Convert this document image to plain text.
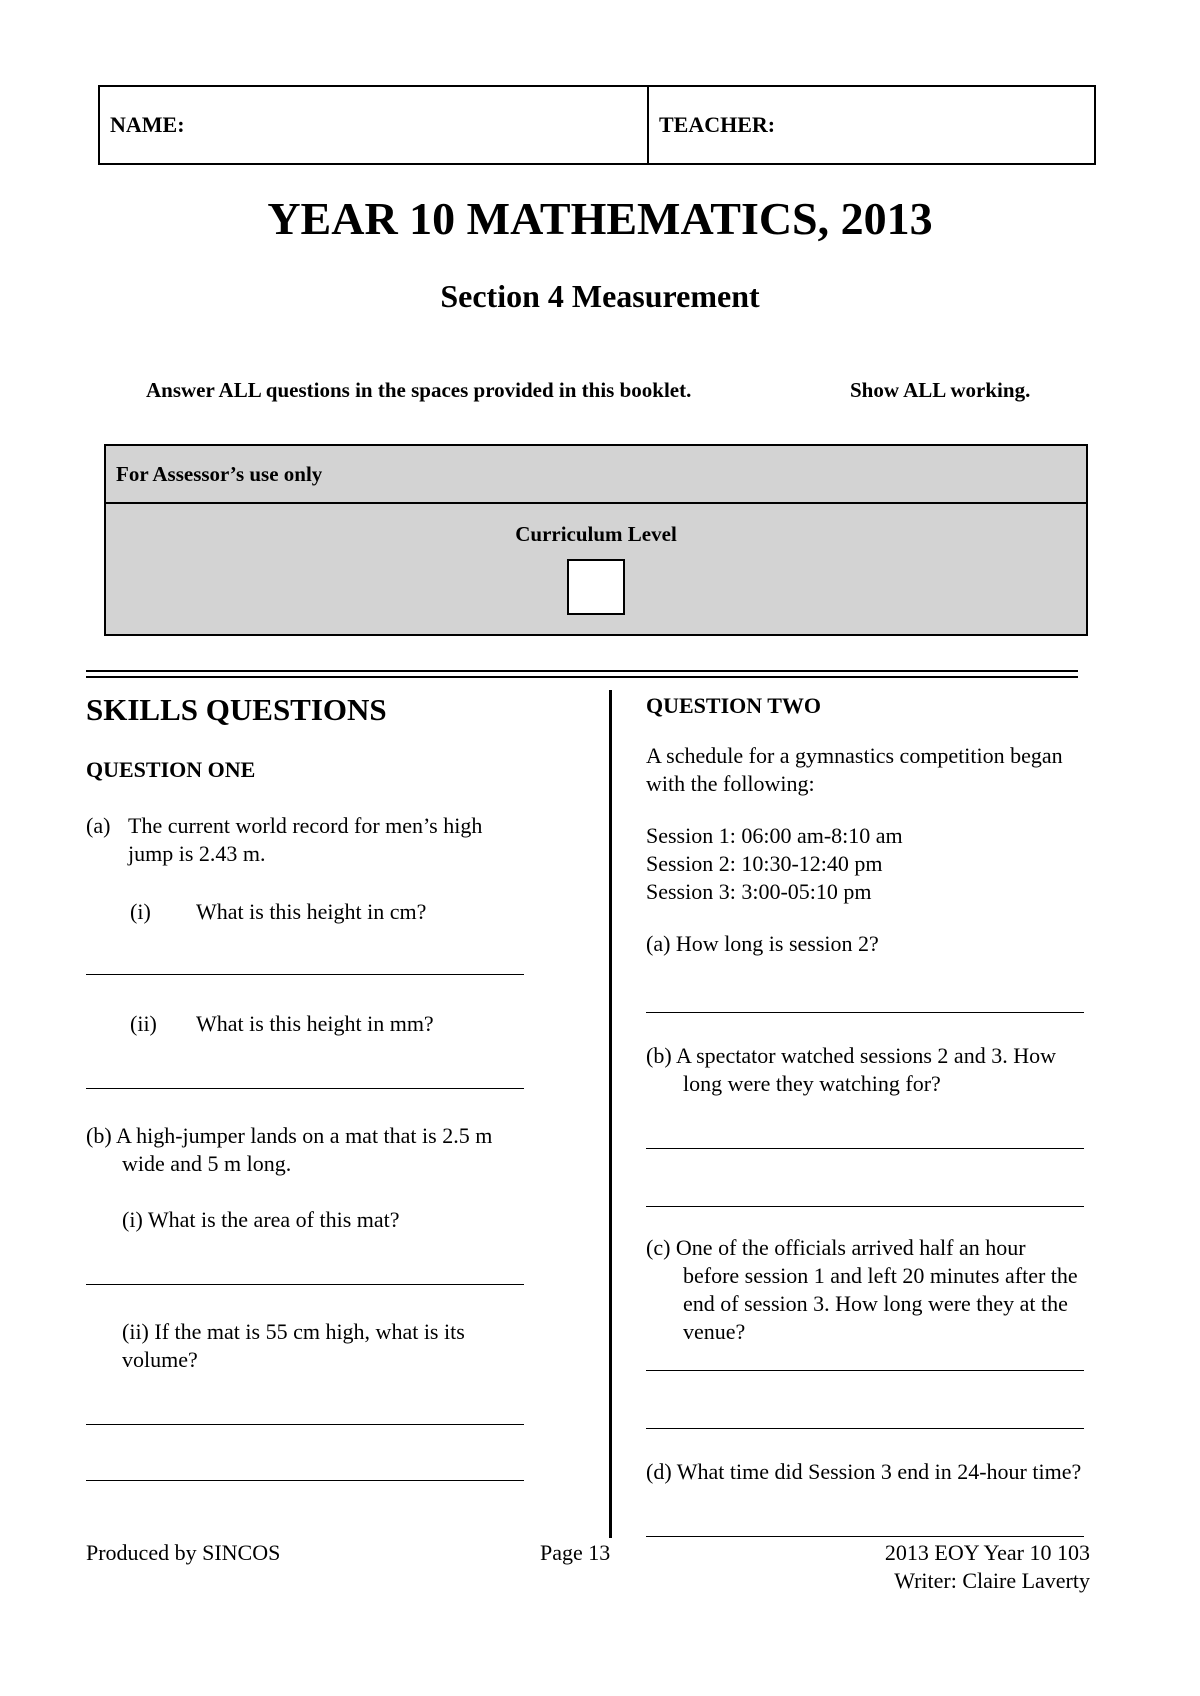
NAME:	TEACHER:
YEAR 10 MATHEMATICS, 2013
Section 4 Measurement
Answer ALL questions in the spaces provided in this booklet.	Show ALL working.
For Assessor’s use only
Curriculum Level
SKILLS QUESTIONS
QUESTION ONE
(a) The current world record for men’s high
jump is 2.43 m.
(i) What is this height in cm?
(ii) What is this height in mm?
(b) A high-jumper lands on a mat that is 2.5 m
wide and 5 m long.
(i) What is the area of this mat?
(ii) If the mat is 55 cm high, what is its
volume?
QUESTION TWO
A schedule for a gymnastics competition began
with the following:
Session 1: 06:00 am-8:10 am
Session 2: 10:30-12:40 pm
Session 3: 3:00-05:10 pm
(a) How long is session 2?
(b) A spectator watched sessions 2 and 3. How
long were they watching for?
(c) One of the officials arrived half an hour
before session 1 and left 20 minutes after the
end of session 3. How long were they at the
venue?
(d) What time did Session 3 end in 24-hour time?
Produced by SINCOS	Page 13	2013 EOY Year 10 103
Writer: Claire Laverty
